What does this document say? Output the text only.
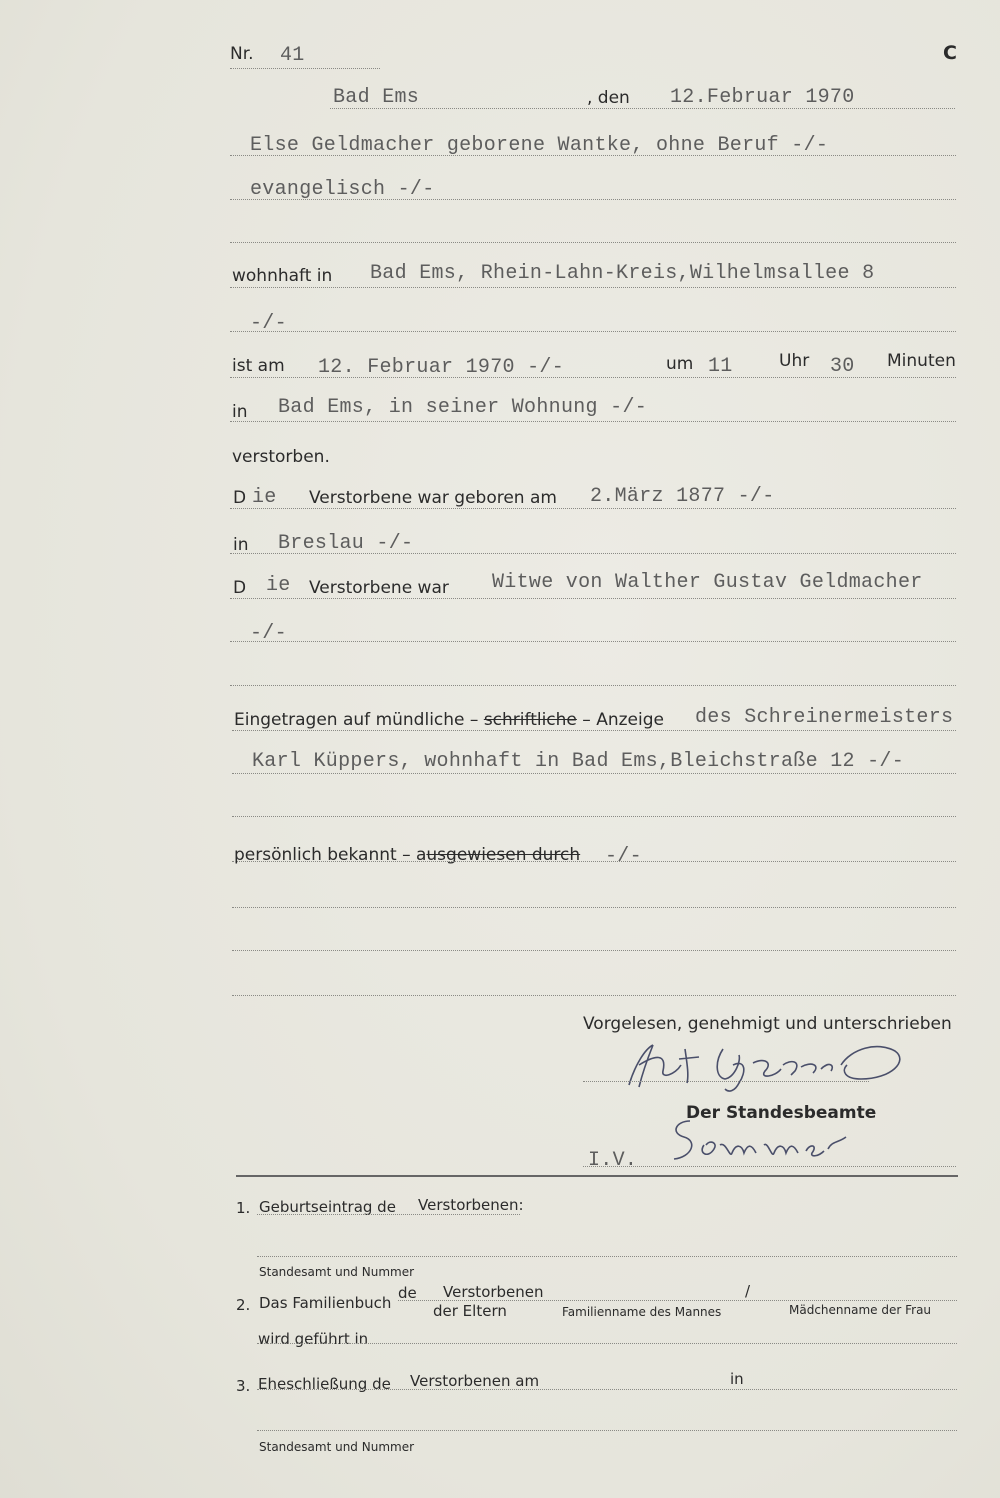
Nr. 41	C
Bad Ems	, den 12.Februar 1970
Else Geldmacher geborene Wantke, ohne Beruf -/-
evangelisch -/-
wohnhaft in Bad Ems, Rhein-Lahn-Kreis,Wilhelmsallee 8
-/-
ist am 12. Februar 1970 -/-	um 11	Uhr 30 Minuten
in Bad Ems, in seiner Wohnung -/-
verstorben.
D ie Verstorbene war geboren am 2.März 1877 -/-
in Breslau -/-
D ie Verstorbene war Witwe von Walther Gustav Geldmacher
-/-
Eingetragen auf mündliche – schriftliche – Anzeige des Schreinermeisters
Karl Küppers, wohnhaft in Bad Ems,Bleichstraße 12 -/-
persönlich bekannt – ausgewiesen durch -/-
Vorgelesen, genehmigt und unterschrieben
Der Standesbeamte
I.V.
1. Geburtseintrag de Verstorbenen:
Standesamt und Nummer
2. Das Familienbuch
de Verstorbenen
der Eltern
/
Familienname des Mannes	Mädchenname der Frau
wird geführt in
3. Eheschließung de Verstorbenen am	in
Standesamt und Nummer
